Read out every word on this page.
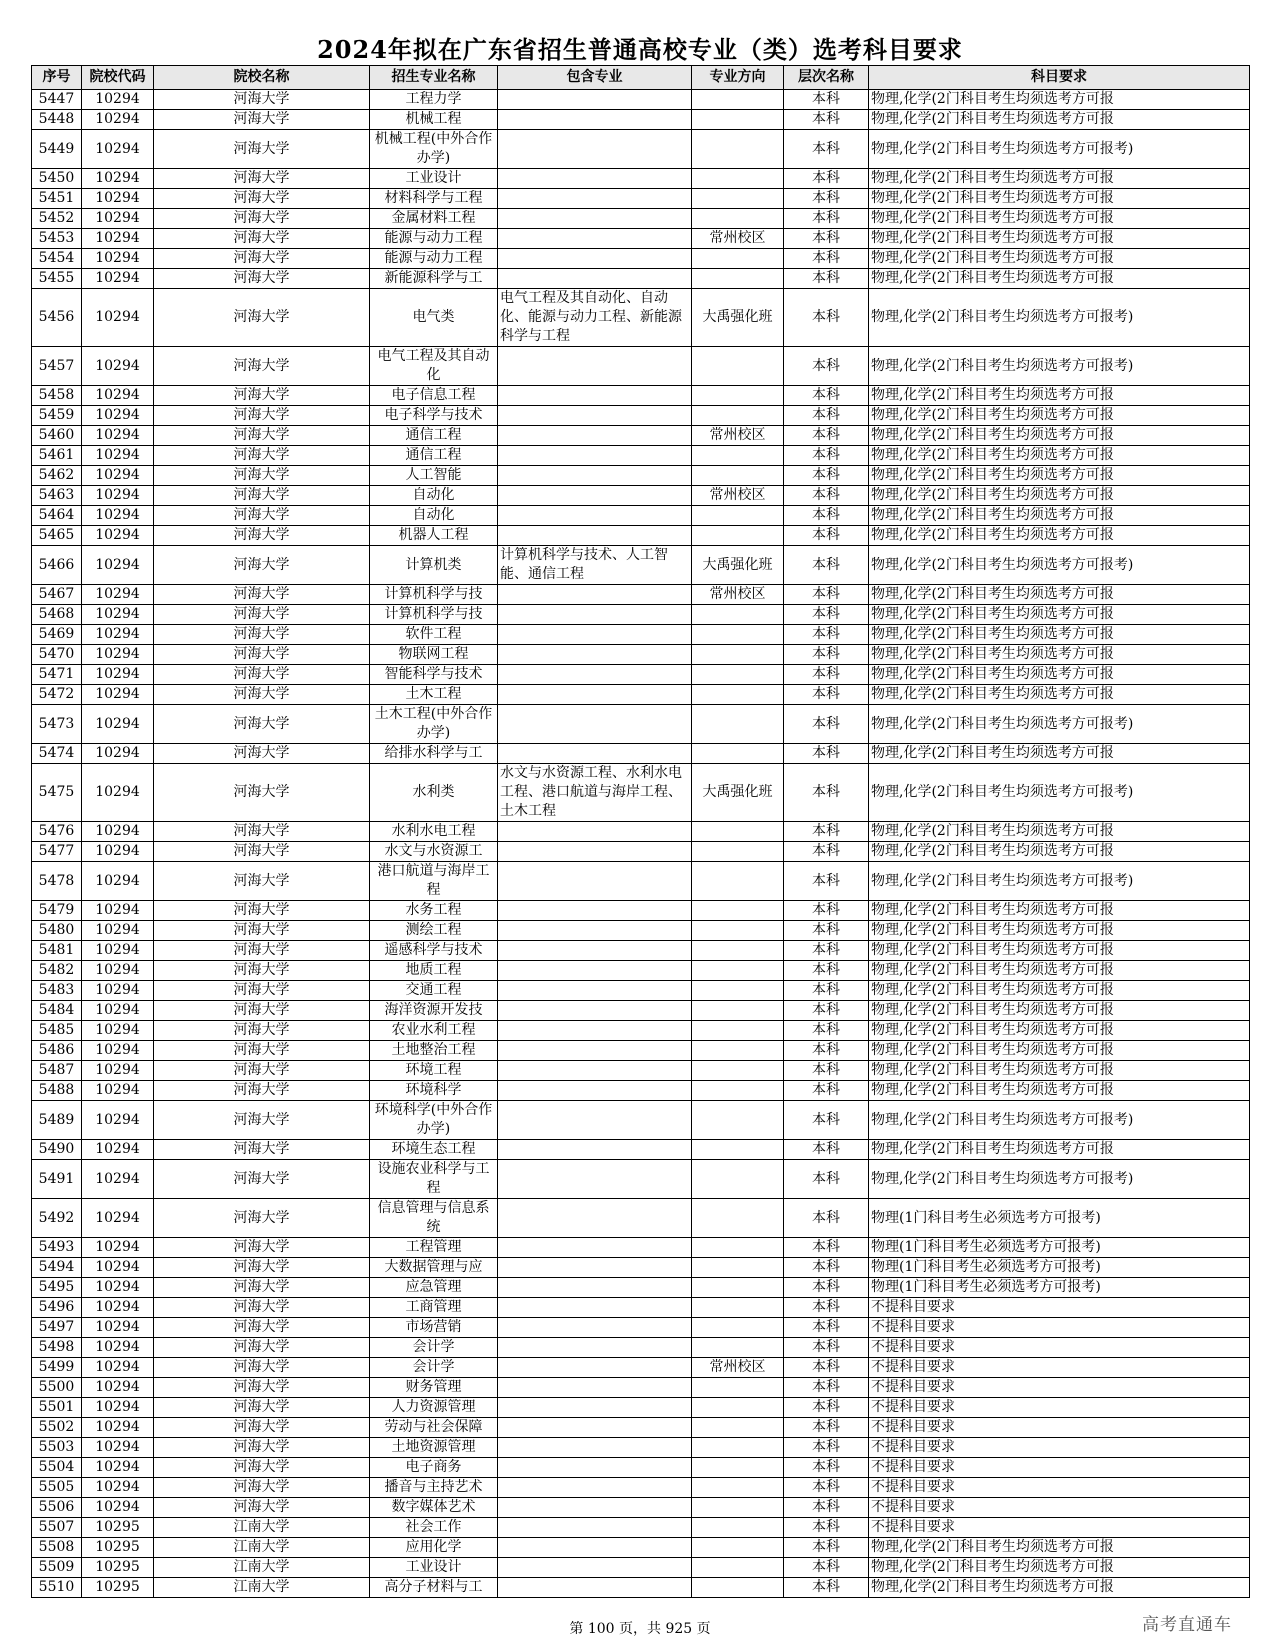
2024年拟在广东省招生普通高校专业（类）选考科目要求
序号	院校代码	院校名称	招生专业名称	包含专业	专业方向	层次名称	科目要求
5447	10294	河海大学	工程力学			本科	物理,化学(2门科目考生均须选考方可报
5448	10294	河海大学	机械工程			本科	物理,化学(2门科目考生均须选考方可报
5449	10294	河海大学	机械工程(中外合作办学)			本科	物理,化学(2门科目考生均须选考方可报考)
5450	10294	河海大学	工业设计			本科	物理,化学(2门科目考生均须选考方可报
5451	10294	河海大学	材料科学与工程			本科	物理,化学(2门科目考生均须选考方可报
5452	10294	河海大学	金属材料工程			本科	物理,化学(2门科目考生均须选考方可报
5453	10294	河海大学	能源与动力工程		常州校区	本科	物理,化学(2门科目考生均须选考方可报
5454	10294	河海大学	能源与动力工程			本科	物理,化学(2门科目考生均须选考方可报
5455	10294	河海大学	新能源科学与工			本科	物理,化学(2门科目考生均须选考方可报
5456	10294	河海大学	电气类	电气工程及其自动化、自动化、能源与动力工程、新能源科学与工程	大禹强化班	本科	物理,化学(2门科目考生均须选考方可报考)
5457	10294	河海大学	电气工程及其自动化			本科	物理,化学(2门科目考生均须选考方可报考)
5458	10294	河海大学	电子信息工程			本科	物理,化学(2门科目考生均须选考方可报
5459	10294	河海大学	电子科学与技术			本科	物理,化学(2门科目考生均须选考方可报
5460	10294	河海大学	通信工程		常州校区	本科	物理,化学(2门科目考生均须选考方可报
5461	10294	河海大学	通信工程			本科	物理,化学(2门科目考生均须选考方可报
5462	10294	河海大学	人工智能			本科	物理,化学(2门科目考生均须选考方可报
5463	10294	河海大学	自动化		常州校区	本科	物理,化学(2门科目考生均须选考方可报
5464	10294	河海大学	自动化			本科	物理,化学(2门科目考生均须选考方可报
5465	10294	河海大学	机器人工程			本科	物理,化学(2门科目考生均须选考方可报
5466	10294	河海大学	计算机类	计算机科学与技术、人工智能、通信工程	大禹强化班	本科	物理,化学(2门科目考生均须选考方可报考)
5467	10294	河海大学	计算机科学与技		常州校区	本科	物理,化学(2门科目考生均须选考方可报
5468	10294	河海大学	计算机科学与技			本科	物理,化学(2门科目考生均须选考方可报
5469	10294	河海大学	软件工程			本科	物理,化学(2门科目考生均须选考方可报
5470	10294	河海大学	物联网工程			本科	物理,化学(2门科目考生均须选考方可报
5471	10294	河海大学	智能科学与技术			本科	物理,化学(2门科目考生均须选考方可报
5472	10294	河海大学	土木工程			本科	物理,化学(2门科目考生均须选考方可报
5473	10294	河海大学	土木工程(中外合作办学)			本科	物理,化学(2门科目考生均须选考方可报考)
5474	10294	河海大学	给排水科学与工			本科	物理,化学(2门科目考生均须选考方可报
5475	10294	河海大学	水利类	水文与水资源工程、水利水电工程、港口航道与海岸工程、土木工程	大禹强化班	本科	物理,化学(2门科目考生均须选考方可报考)
5476	10294	河海大学	水利水电工程			本科	物理,化学(2门科目考生均须选考方可报
5477	10294	河海大学	水文与水资源工			本科	物理,化学(2门科目考生均须选考方可报
5478	10294	河海大学	港口航道与海岸工程			本科	物理,化学(2门科目考生均须选考方可报考)
5479	10294	河海大学	水务工程			本科	物理,化学(2门科目考生均须选考方可报
5480	10294	河海大学	测绘工程			本科	物理,化学(2门科目考生均须选考方可报
5481	10294	河海大学	遥感科学与技术			本科	物理,化学(2门科目考生均须选考方可报
5482	10294	河海大学	地质工程			本科	物理,化学(2门科目考生均须选考方可报
5483	10294	河海大学	交通工程			本科	物理,化学(2门科目考生均须选考方可报
5484	10294	河海大学	海洋资源开发技			本科	物理,化学(2门科目考生均须选考方可报
5485	10294	河海大学	农业水利工程			本科	物理,化学(2门科目考生均须选考方可报
5486	10294	河海大学	土地整治工程			本科	物理,化学(2门科目考生均须选考方可报
5487	10294	河海大学	环境工程			本科	物理,化学(2门科目考生均须选考方可报
5488	10294	河海大学	环境科学			本科	物理,化学(2门科目考生均须选考方可报
5489	10294	河海大学	环境科学(中外合作办学)			本科	物理,化学(2门科目考生均须选考方可报考)
5490	10294	河海大学	环境生态工程			本科	物理,化学(2门科目考生均须选考方可报
5491	10294	河海大学	设施农业科学与工程			本科	物理,化学(2门科目考生均须选考方可报考)
5492	10294	河海大学	信息管理与信息系统			本科	物理(1门科目考生必须选考方可报考)
5493	10294	河海大学	工程管理			本科	物理(1门科目考生必须选考方可报考)
5494	10294	河海大学	大数据管理与应			本科	物理(1门科目考生必须选考方可报考)
5495	10294	河海大学	应急管理			本科	物理(1门科目考生必须选考方可报考)
5496	10294	河海大学	工商管理			本科	不提科目要求
5497	10294	河海大学	市场营销			本科	不提科目要求
5498	10294	河海大学	会计学			本科	不提科目要求
5499	10294	河海大学	会计学		常州校区	本科	不提科目要求
5500	10294	河海大学	财务管理			本科	不提科目要求
5501	10294	河海大学	人力资源管理			本科	不提科目要求
5502	10294	河海大学	劳动与社会保障			本科	不提科目要求
5503	10294	河海大学	土地资源管理			本科	不提科目要求
5504	10294	河海大学	电子商务			本科	不提科目要求
5505	10294	河海大学	播音与主持艺术			本科	不提科目要求
5506	10294	河海大学	数字媒体艺术			本科	不提科目要求
5507	10295	江南大学	社会工作			本科	不提科目要求
5508	10295	江南大学	应用化学			本科	物理,化学(2门科目考生均须选考方可报
5509	10295	江南大学	工业设计			本科	物理,化学(2门科目考生均须选考方可报
5510	10295	江南大学	高分子材料与工			本科	物理,化学(2门科目考生均须选考方可报
第 100 页，共 925 页	高考直通车
